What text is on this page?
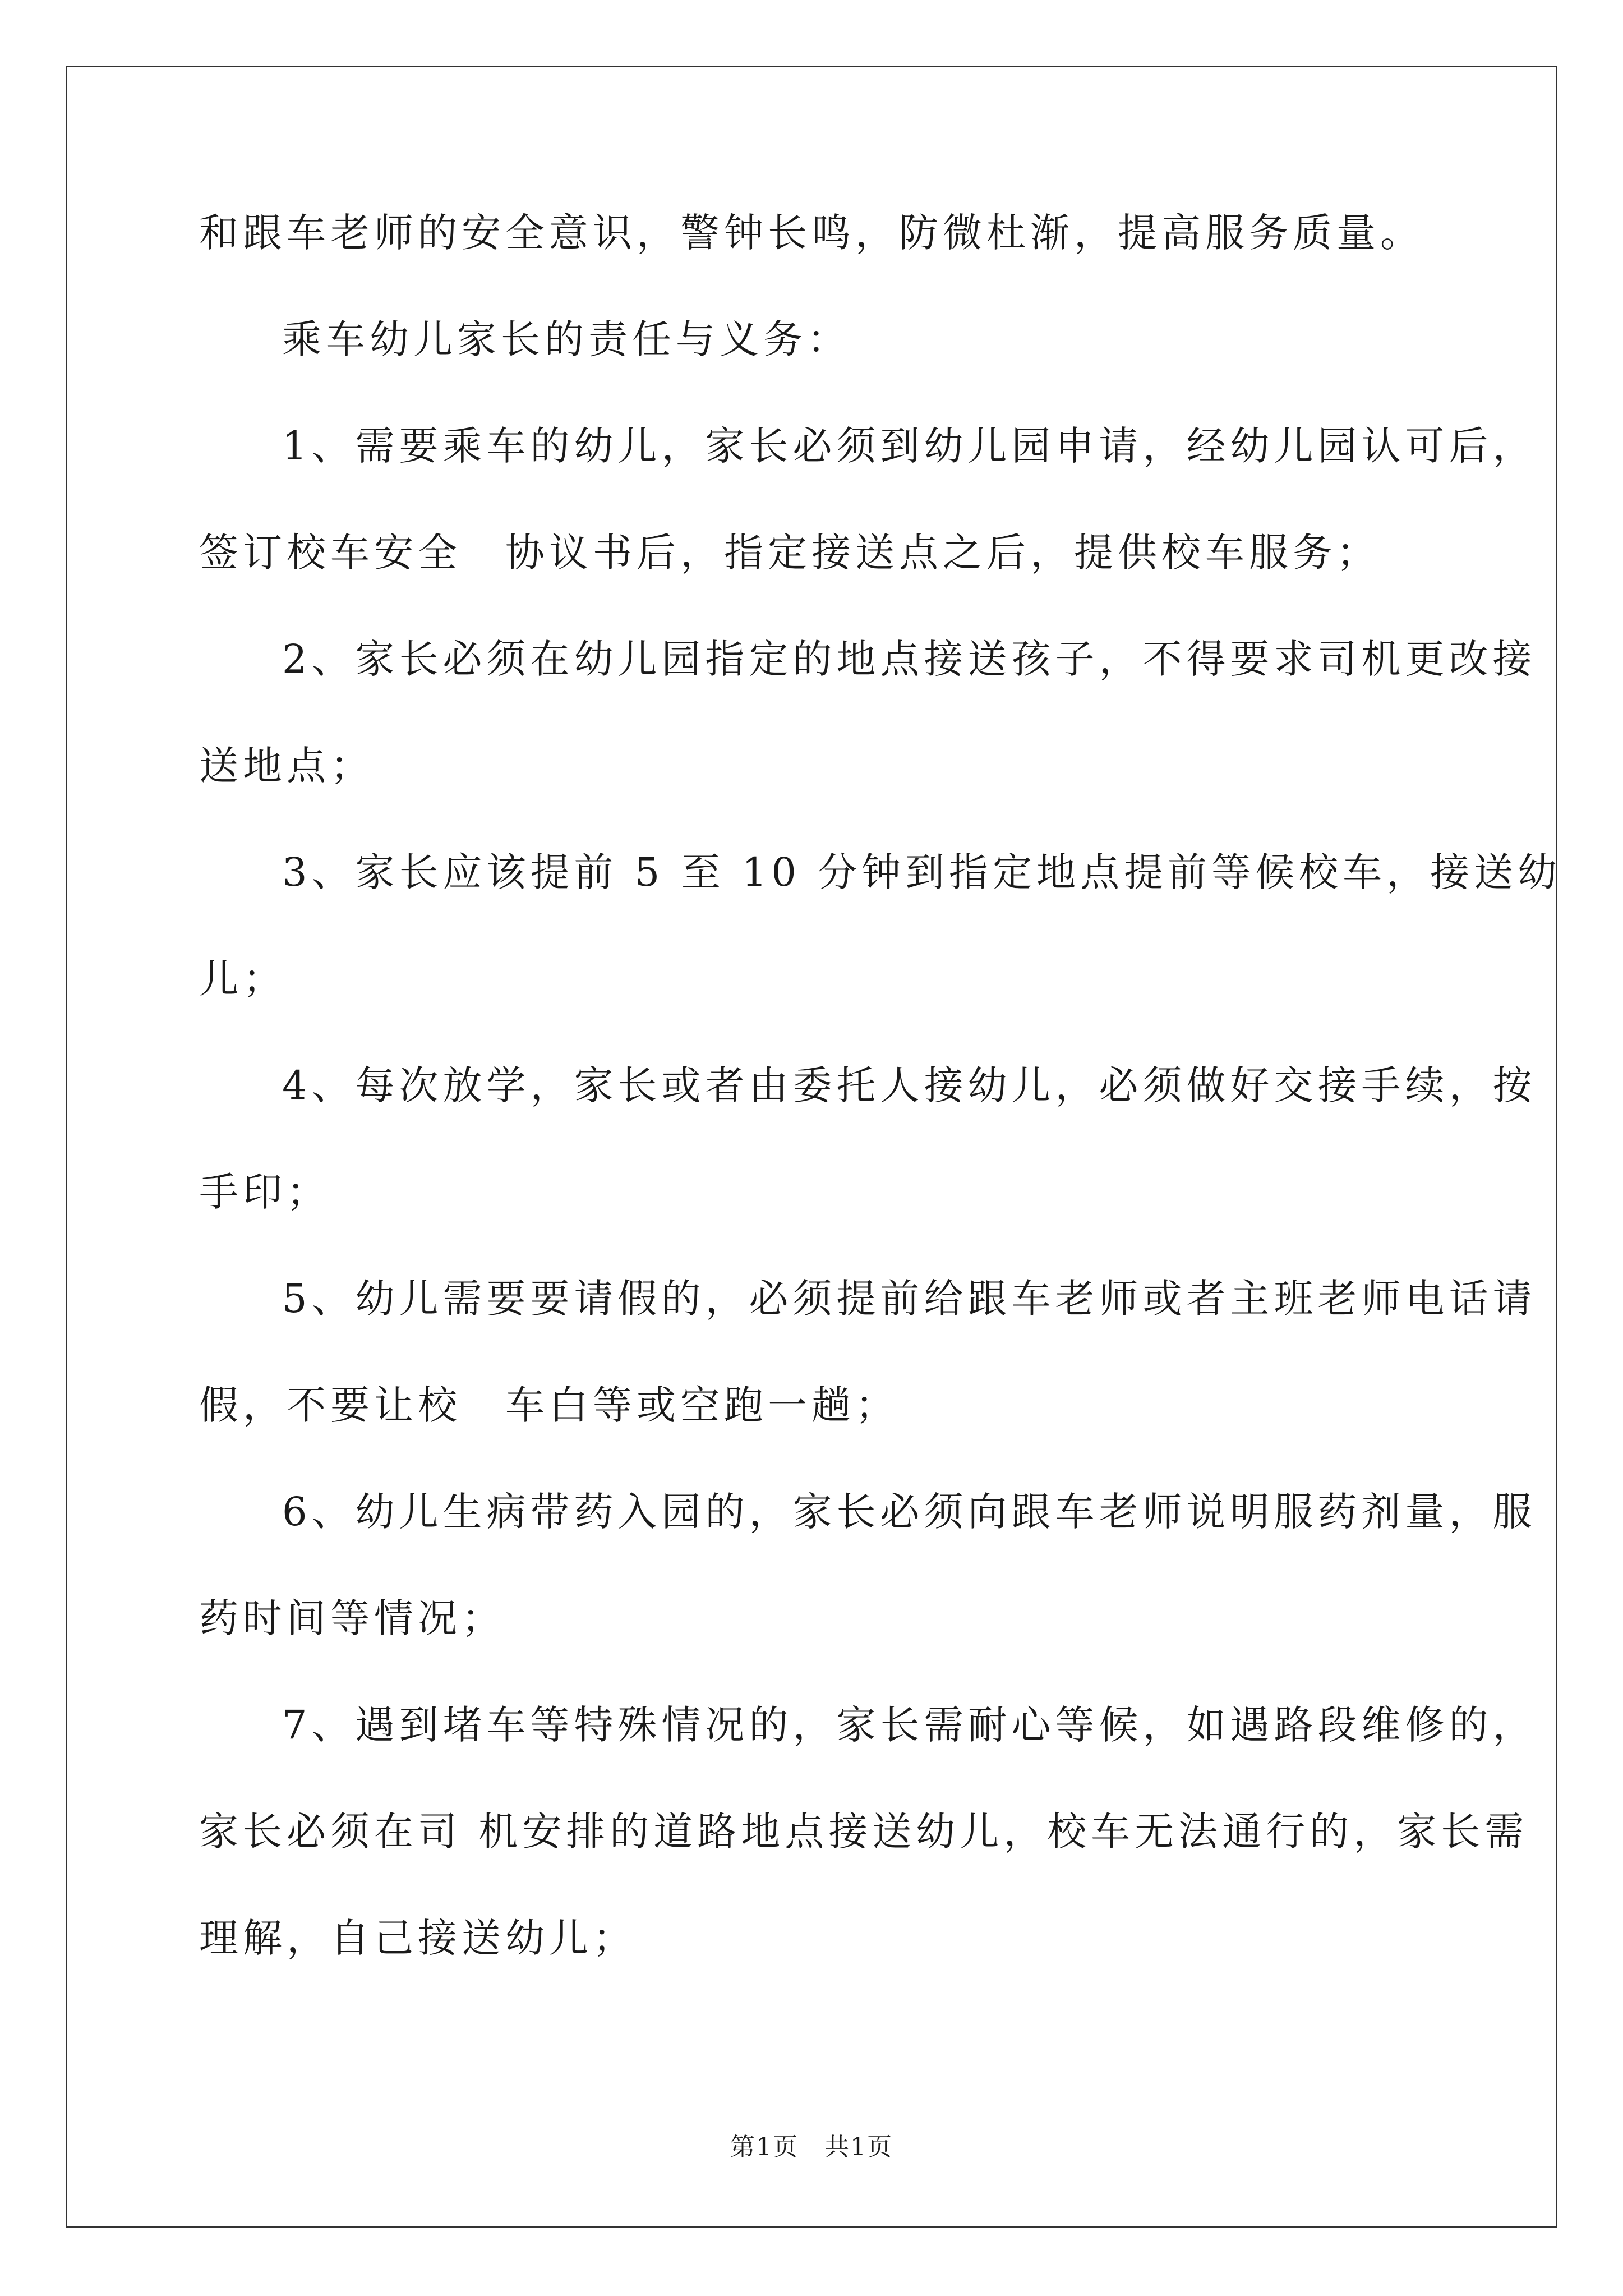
和跟车老师的安全意识，警钟长鸣，防微杜渐，提高服务质量。
乘车幼儿家长的责任与义务：
1、需要乘车的幼儿，家长必须到幼儿园申请，经幼儿园认可后，
签订校车安全　协议书后，指定接送点之后，提供校车服务；
2、家长必须在幼儿园指定的地点接送孩子，不得要求司机更改接
送地点；
3、家长应该提前 5 至 10 分钟到指定地点提前等候校车，接送幼
儿；
4、每次放学，家长或者由委托人接幼儿，必须做好交接手续，按
手印；
5、幼儿需要要请假的，必须提前给跟车老师或者主班老师电话请
假，不要让校　车白等或空跑一趟；
6、幼儿生病带药入园的，家长必须向跟车老师说明服药剂量，服
药时间等情况；
7、遇到堵车等特殊情况的，家长需耐心等候，如遇路段维修的，
家长必须在司 机安排的道路地点接送幼儿，校车无法通行的，家长需
理解，自己接送幼儿；
第1页　共1页
